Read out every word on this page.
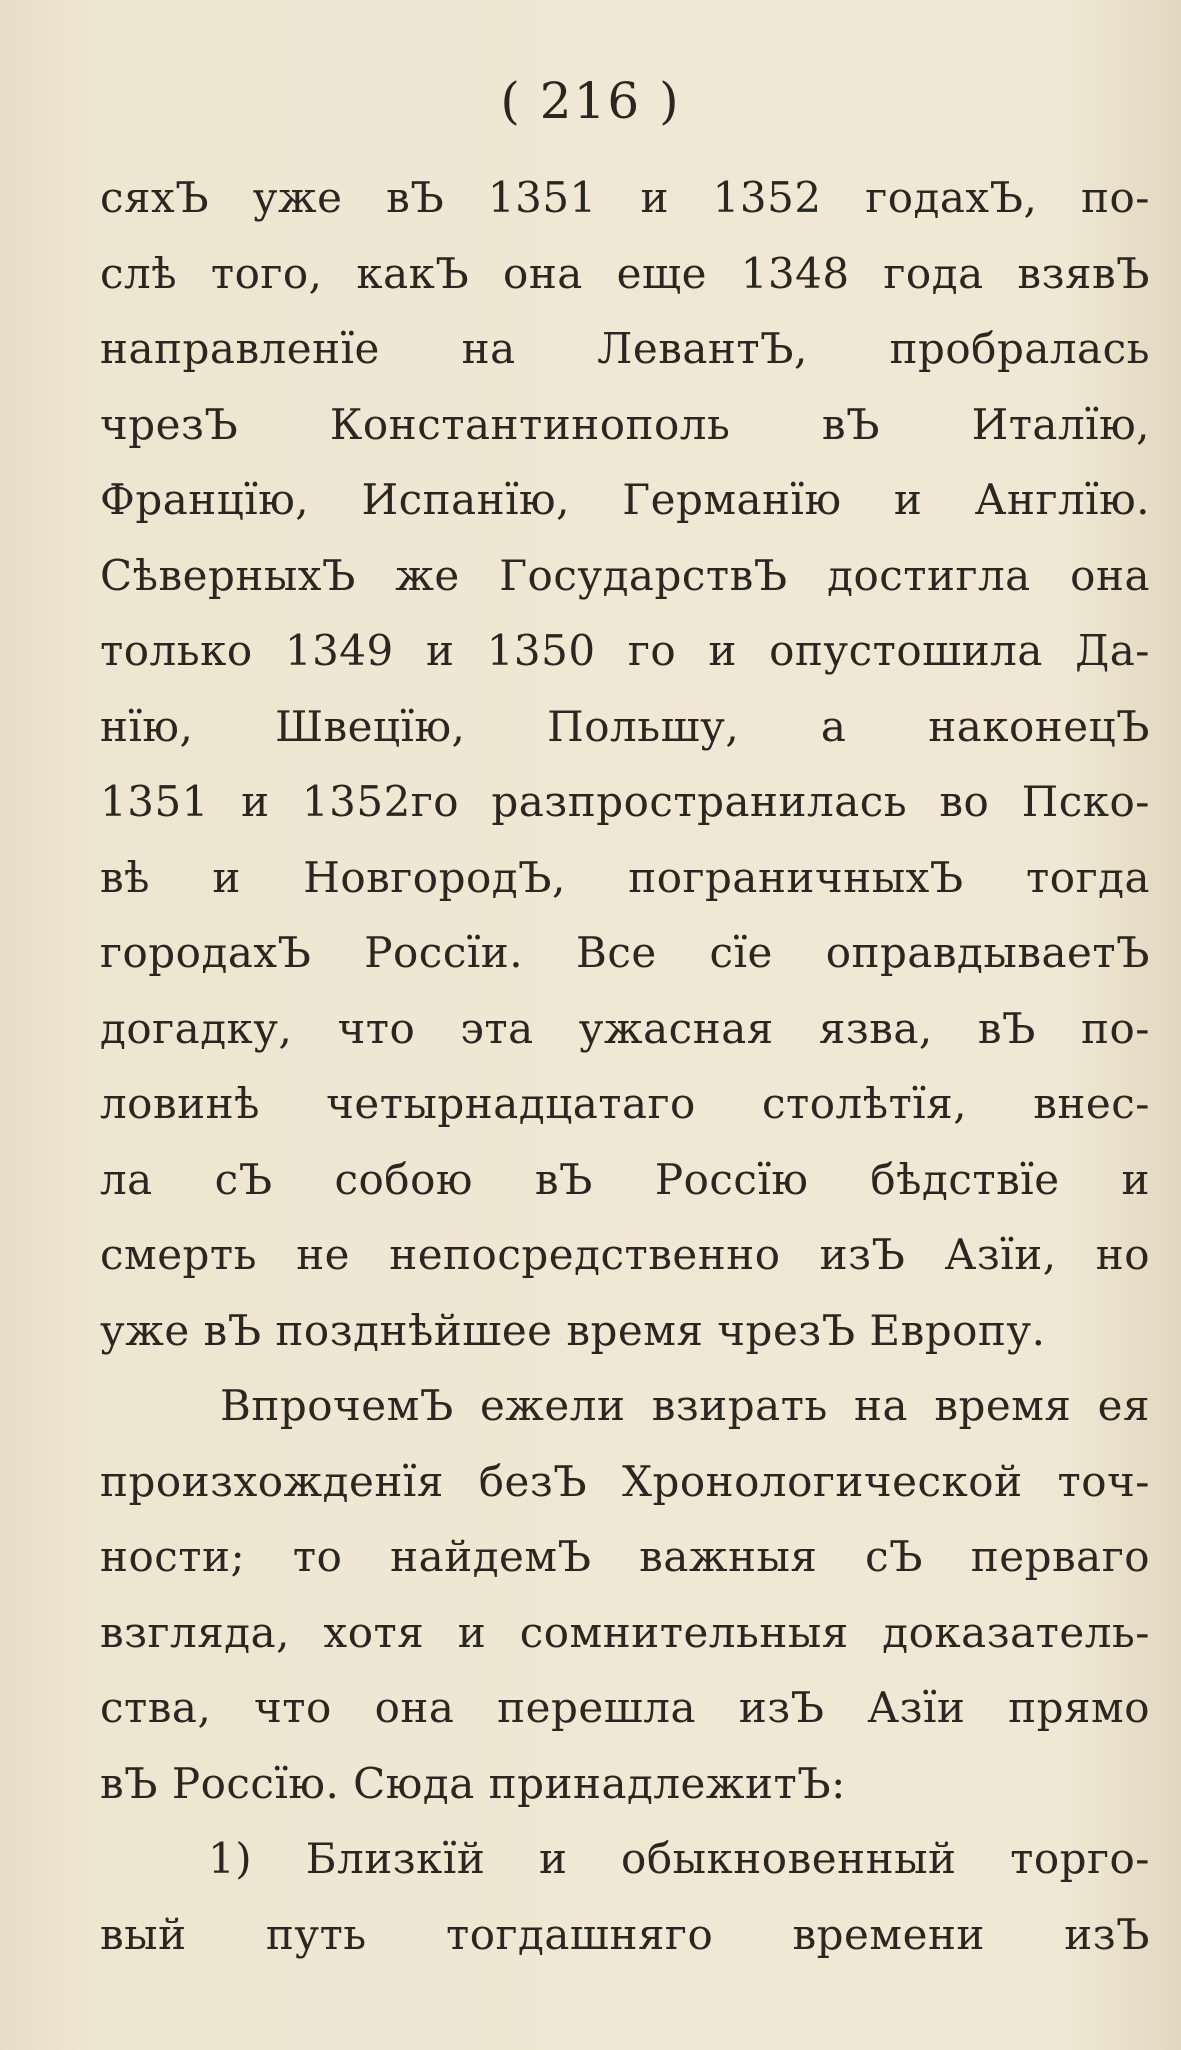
( 216 )
сяхЪ уже вЪ 1351 и 1352 годахЪ, по-
слѣ того, какЪ она еще 1348 года взявЪ
направленїе на ЛевантЪ, пробралась
чрезЪ Константинополь вЪ Италїю,
Францїю, Испанїю, Германїю и Англїю.
СѣверныхЪ же ГосударствЪ достигла она
только 1349 и 1350 го и опустошила Да-
нїю, Швецїю, Польшу, а наконецЪ
1351 и 1352го разпространилась во Пско-
вѣ и НовгородЪ, пограничныхЪ тогда
городахЪ Россїи. Все сїе оправдываетЪ
догадку, что эта ужасная язва, вЪ по-
ловинѣ четырнадцатаго столѣтїя, внес-
ла сЪ собою вЪ Россїю бѣдствїе и
смерть не непосредственно изЪ Азїи, но
уже вЪ позднѣйшее время чрезЪ Европу.
ВпрочемЪ ежели взирать на время ея
произхожденїя безЪ Хронологической точ-
ности; то найдемЪ важныя сЪ перваго
взгляда, хотя и сомнительныя доказатель-
ства, что она перешла изЪ Азїи прямо
вЪ Россїю. Сюда принадлежитЪ:
1) Близкїй и обыкновенный торго-
вый путь тогдашняго времени изЪ
